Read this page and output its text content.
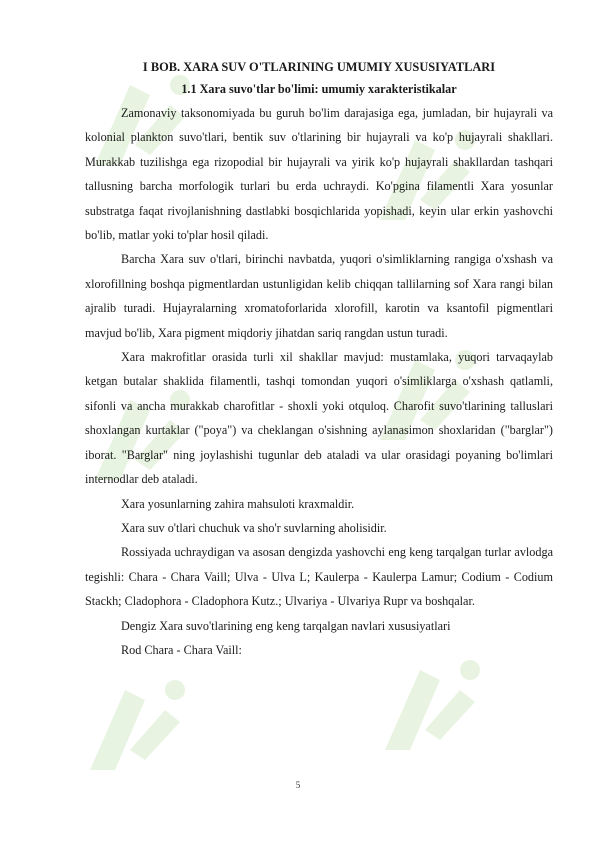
I BOB. XARA SUV O'TLARINING UMUMIY XUSUSIYATLARI
1.1 Xara suvo'tlar bo'limi: umumiy xarakteristikalar

Zamonaviy taksonomiyada bu guruh bo'lim darajasiga ega, jumladan, bir hujayrali va kolonial plankton suvo'tlari, bentik suv o'tlarining bir hujayrali va ko'p hujayrali shakllari. Murakkab tuzilishga ega rizopodial bir hujayrali va yirik ko'p hujayrali shakllardan tashqari tallusning barcha morfologik turlari bu erda uchraydi. Ko'pgina filamentli Xara yosunlar substratga faqat rivojlanishning dastlabki bosqichlarida yopishadi, keyin ular erkin yashovchi bo'lib, matlar yoki to'plar hosil qiladi.

Barcha Xara suv o'tlari, birinchi navbatda, yuqori o'simliklarning rangiga o'xshash va xlorofillning boshqa pigmentlardan ustunligidan kelib chiqqan tallilarning sof Xara rangi bilan ajralib turadi. Hujayralarning xromatoforlarida xlorofill, karotin va ksantofil pigmentlari mavjud bo'lib, Xara pigment miqdoriy jihatdan sariq rangdan ustun turadi.

Xara makrofitlar orasida turli xil shakllar mavjud: mustamlaka, yuqori tarvaqaylab ketgan butalar shaklida filamentli, tashqi tomondan yuqori o'simliklarga o'xshash qatlamli, sifonli va ancha murakkab charofitlar - shoxli yoki otquloq. Charofit suvo'tlarining talluslari shoxlangan kurtaklar ("poya") va cheklangan o'sishning aylanasimon shoxlaridan ("barglar") iborat. "Barglar" ning joylashishi tugunlar deb ataladi va ular orasidagi poyaning bo'limlari internodlar deb ataladi.

Xara yosunlarning zahira mahsuloti kraxmaldir.

Xara suv o'tlari chuchuk va sho'r suvlarning aholisidir.

Rossiyada uchraydigan va asosan dengizda yashovchi eng keng tarqalgan turlar avlodga tegishli: Chara - Chara Vaill; Ulva - Ulva L; Kaulerpa - Kaulerpa Lamur; Codium - Codium Stackh; Cladophora - Cladophora Kutz.; Ulvariya - Ulvariya Rupr va boshqalar.

Dengiz Xara suvo'tlarining eng keng tarqalgan navlari xususiyatlari

Rod Chara - Chara Vaill:

5
